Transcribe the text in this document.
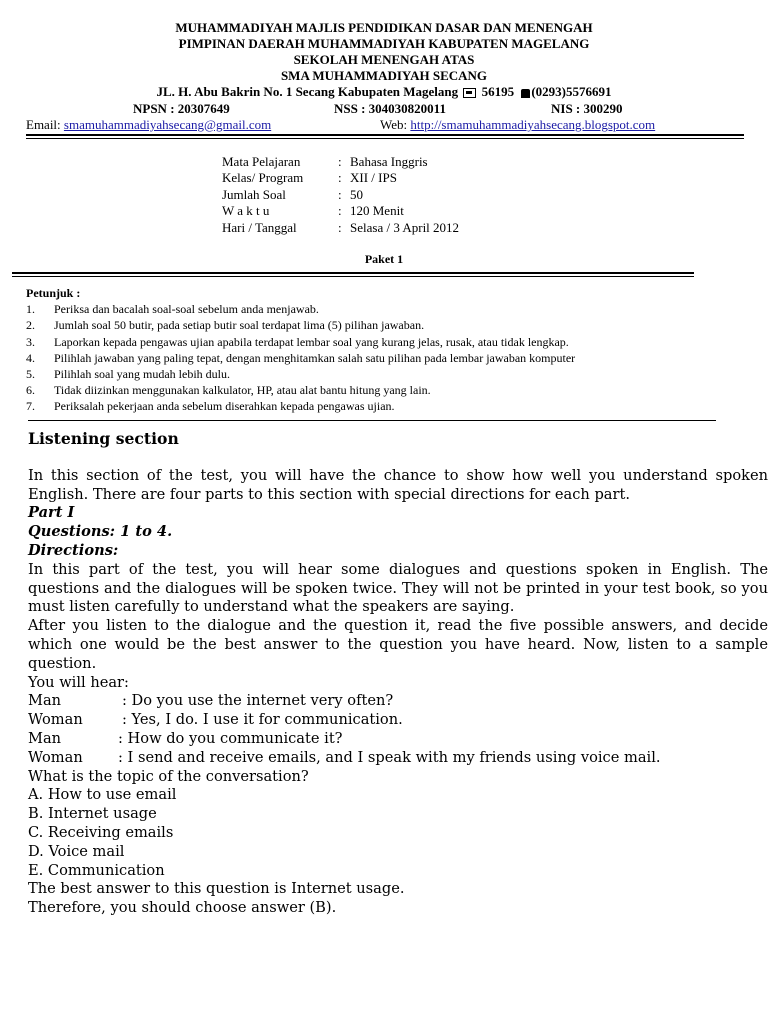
MUHAMMADIYAH MAJLIS PENDIDIKAN DASAR DAN MENENGAH

PIMPINAN DAERAH MUHAMMADIYAH KABUPATEN MAGELANG

SEKOLAH MENENGAH ATAS

SMA MUHAMMADIYAH SECANG

JL. H. Abu Bakrin No. 1 Secang Kabupaten Magelang 56195 (0293)5576691
NPSN : 20307649	NSS : 304030820011	NIS : 300290
Email: smamuhammadiyahsecang@gmail.com	Web: http://smamuhammadiyahsecang.blogspot.com
Mata Pelajaran	: Bahasa Inggris
Kelas/ Program	: XII / IPS
Jumlah Soal	: 50
W a k t u	: 120 Menit
Hari / Tanggal	: Selasa / 3 April 2012
Paket 1
Petunjuk :
1.	Periksa dan bacalah soal-soal sebelum anda menjawab.
2.	Jumlah soal 50 butir, pada setiap butir soal terdapat lima (5) pilihan jawaban.
3.	Laporkan kepada pengawas ujian apabila terdapat lembar soal yang kurang jelas, rusak, atau tidak lengkap.
4.	Pilihlah jawaban yang paling tepat, dengan menghitamkan salah satu pilihan pada lembar jawaban komputer
5.	Pilihlah soal yang mudah lebih dulu.
6.	Tidak diizinkan menggunakan kalkulator, HP, atau alat bantu hitung yang lain.
7.	Periksalah pekerjaan anda sebelum diserahkan kepada pengawas ujian.

Listening section

In this section of the test, you will have the chance to show how well you understand spoken English. There are four parts to this section with special directions for each part.

Part I

Questions: 1 to 4.

Directions:

In this part of the test, you will hear some dialogues and questions spoken in English. The questions and the dialogues will be spoken twice. They will not be printed in your test book, so you must listen carefully to understand what the speakers are saying.

After you listen to the dialogue and the question it, read the five possible answers, and decide which one would be the best answer to the question you have heard. Now, listen to a sample question.

You will hear:

Man	: Do you use the internet very often?
Woman	: Yes, I do. I use it for communication.
Man	: How do you communicate it?
Woman	: I send and receive emails, and I speak with my friends using voice mail.

What is the topic of the conversation?

A. How to use email

B. Internet usage

C. Receiving emails

D. Voice mail

E. Communication

The best answer to this question is Internet usage.

Therefore, you should choose answer (B).
